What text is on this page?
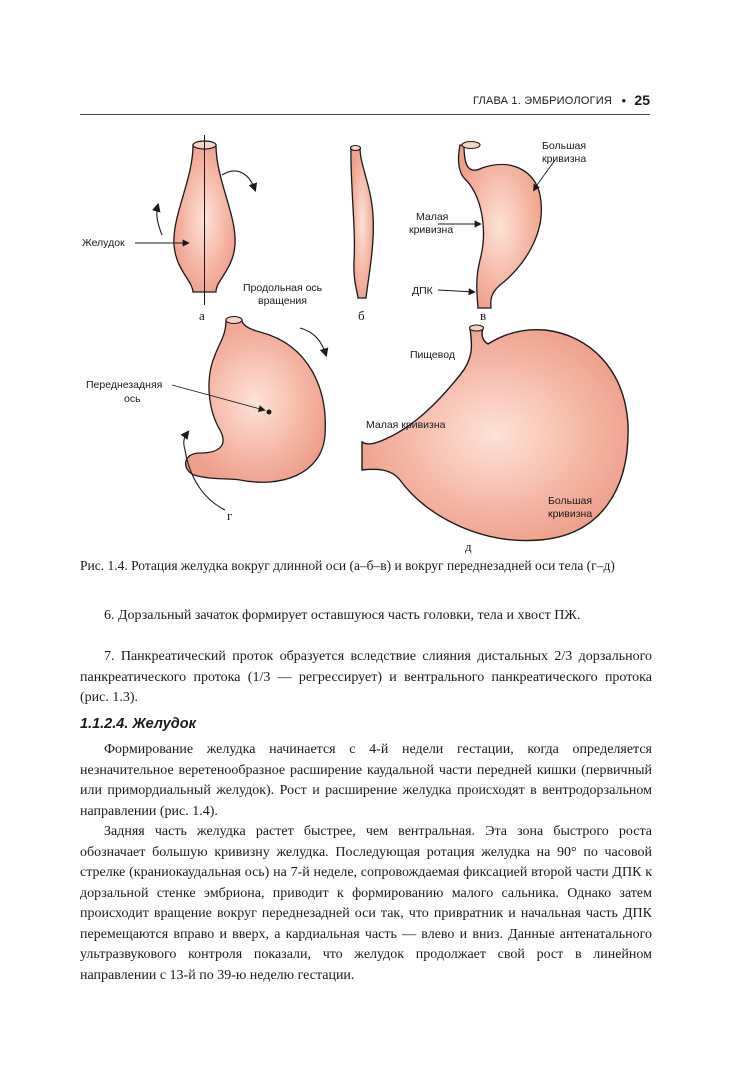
ГЛАВА 1. ЭМБРИОЛОГИЯ • 25
Желудок
а	б
Продольная ось
вращения
Большая
кривизна
Малая
кривизна
ДПК
в
Переднезадняя
ось
г
Пищевод
Малая кривизна
Большая
кривизна
д
Рис. 1.4. Ротация желудка вокруг длинной оси (а–б–в) и вокруг переднезадней оси тела (г–д)
6. Дорзальный зачаток формирует оставшуюся часть головки, тела и хвост ПЖ.
7. Панкреатический проток образуется вследствие слияния дистальных 2/3 дорзального панкреатического протока (1/3 — регрессирует) и вентрального панкреатического протока (рис. 1.3).
1.1.2.4. Желудок
Формирование желудка начинается с 4-й недели гестации, когда определяется незначительное веретенообразное расширение каудальной части передней кишки (первичный или примордиальный желудок). Рост и расширение желудка происходят в вентродорзальном направлении (рис. 1.4).
Задняя часть желудка растет быстрее, чем вентральная. Эта зона быстрого роста обозначает большую кривизну желудка. Последующая ротация желудка на 90° по часовой стрелке (краниокаудальная ось) на 7-й неделе, сопровождаемая фиксацией второй части ДПК к дорзальной стенке эмбриона, приводит к формированию малого сальника. Однако затем происходит вращение вокруг переднезадней оси так, что привратник и начальная часть ДПК перемещаются вправо и вверх, а кардиальная часть — влево и вниз. Данные антенатального ультразвукового контроля показали, что желудок продолжает свой рост в линейном направлении с 13-й по 39-ю неделю гестации.
